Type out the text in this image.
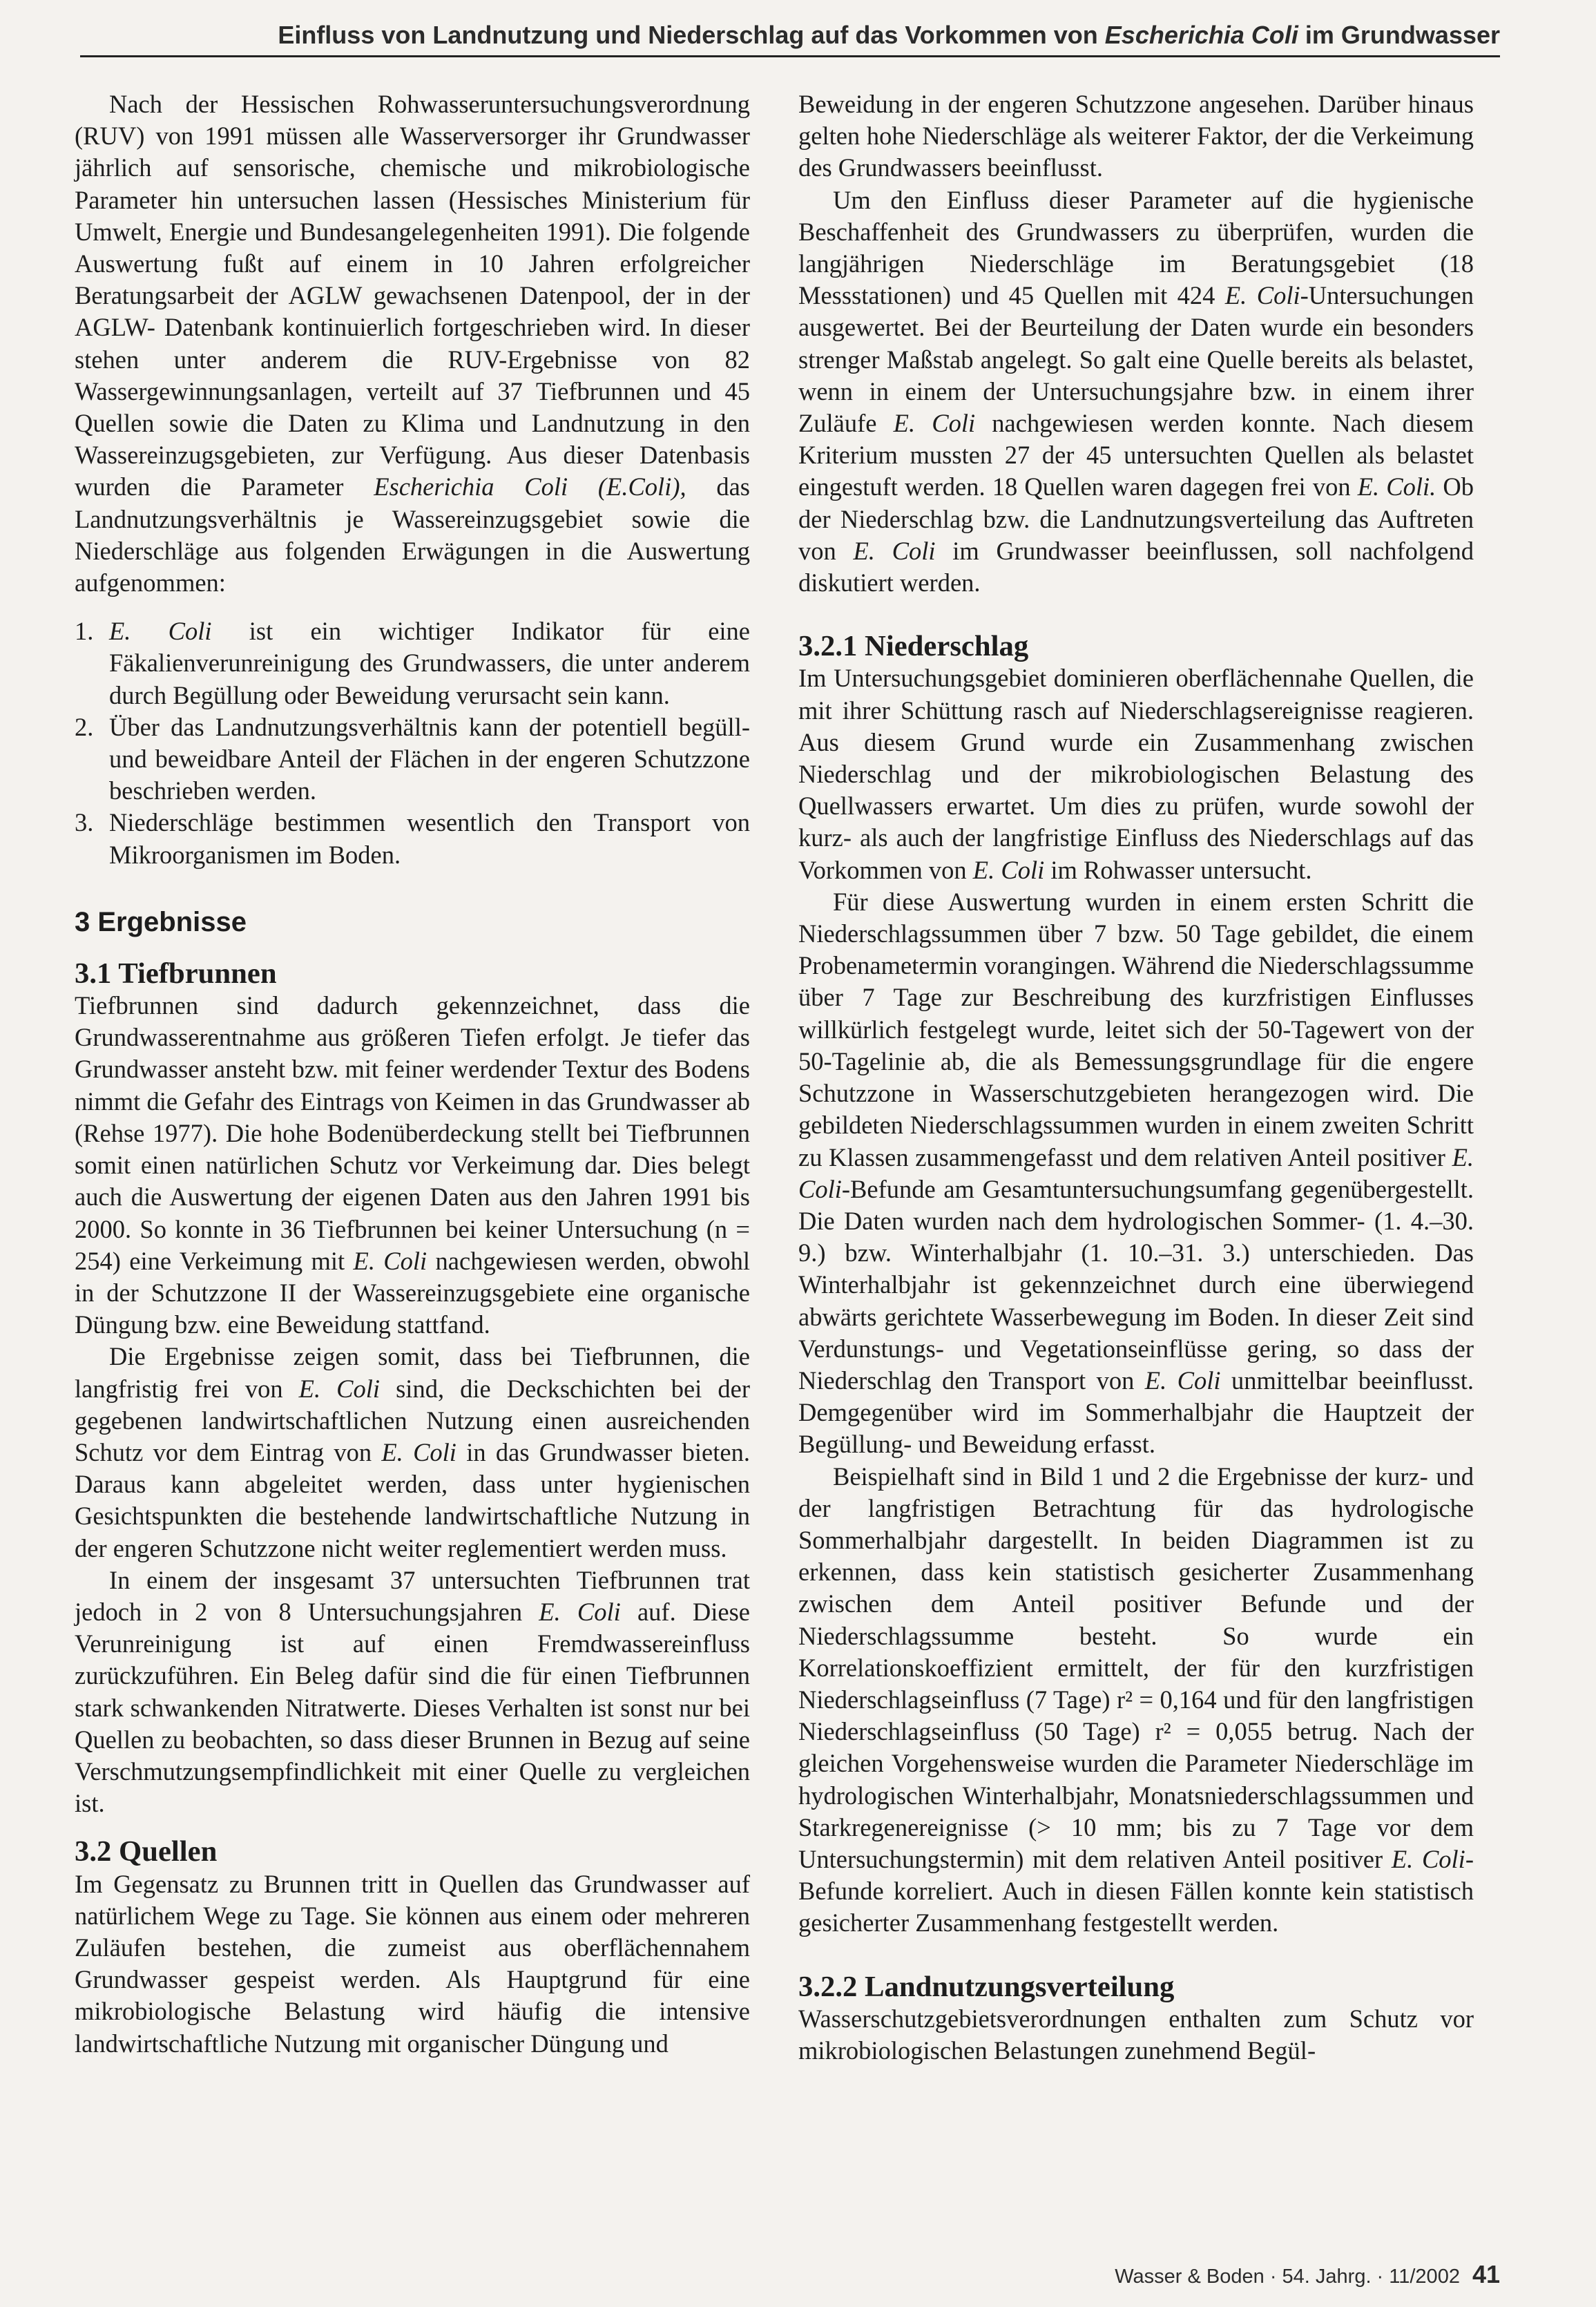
Einfluss von Landnutzung und Niederschlag auf das Vorkommen von Escherichia Coli im Grundwasser

Nach der Hessischen Rohwasseruntersuchungsverordnung (RUV) von 1991 müssen alle Wasserversorger ihr Grundwasser jährlich auf sensorische, chemische und mikrobiologische Parameter hin untersuchen lassen (Hessisches Ministerium für Umwelt, Energie und Bundesangelegenheiten 1991). Die folgende Auswertung fußt auf einem in 10 Jahren erfolgreicher Beratungsarbeit der AGLW gewachsenen Datenpool, der in der AGLW- Datenbank kontinuierlich fortgeschrieben wird. In dieser stehen unter anderem die RUV-Ergebnisse von 82 Wassergewinnungsanlagen, verteilt auf 37 Tiefbrunnen und 45 Quellen sowie die Daten zu Klima und Landnutzung in den Wassereinzugsgebieten, zur Verfügung. Aus dieser Datenbasis wurden die Parameter Escherichia Coli (E.Coli), das Landnutzungsverhältnis je Wassereinzugsgebiet sowie die Niederschläge aus folgenden Erwägungen in die Auswertung aufgenommen:

1. E. Coli ist ein wichtiger Indikator für eine Fäkalienverunreinigung des Grundwassers, die unter anderem durch Begüllung oder Beweidung verursacht sein kann.
2. Über das Landnutzungsverhältnis kann der potentiell begüll- und beweidbare Anteil der Flächen in der engeren Schutzzone beschrieben werden.
3. Niederschläge bestimmen wesentlich den Transport von Mikroorganismen im Boden.
3 Ergebnisse
3.1 Tiefbrunnen

Tiefbrunnen sind dadurch gekennzeichnet, dass die Grundwasserentnahme aus größeren Tiefen erfolgt. Je tiefer das Grundwasser ansteht bzw. mit feiner werdender Textur des Bodens nimmt die Gefahr des Eintrags von Keimen in das Grundwasser ab (Rehse 1977). Die hohe Bodenüberdeckung stellt bei Tiefbrunnen somit einen natürlichen Schutz vor Verkeimung dar. Dies belegt auch die Auswertung der eigenen Daten aus den Jahren 1991 bis 2000. So konnte in 36 Tiefbrunnen bei keiner Untersuchung (n = 254) eine Verkeimung mit E. Coli nachgewiesen werden, obwohl in der Schutzzone II der Wassereinzugsgebiete eine organische Düngung bzw. eine Beweidung stattfand.

Die Ergebnisse zeigen somit, dass bei Tiefbrunnen, die langfristig frei von E. Coli sind, die Deckschichten bei der gegebenen landwirtschaftlichen Nutzung einen ausreichenden Schutz vor dem Eintrag von E. Coli in das Grundwasser bieten. Daraus kann abgeleitet werden, dass unter hygienischen Gesichtspunkten die bestehende landwirtschaftliche Nutzung in der engeren Schutzzone nicht weiter reglementiert werden muss.

In einem der insgesamt 37 untersuchten Tiefbrunnen trat jedoch in 2 von 8 Untersuchungsjahren E. Coli auf. Diese Verunreinigung ist auf einen Fremdwassereinfluss zurückzuführen. Ein Beleg dafür sind die für einen Tiefbrunnen stark schwankenden Nitratwerte. Dieses Verhalten ist sonst nur bei Quellen zu beobachten, so dass dieser Brunnen in Bezug auf seine Verschmutzungsempfindlichkeit mit einer Quelle zu vergleichen ist.

3.2 Quellen

Im Gegensatz zu Brunnen tritt in Quellen das Grundwasser auf natürlichem Wege zu Tage. Sie können aus einem oder mehreren Zuläufen bestehen, die zumeist aus oberflächennahem Grundwasser gespeist werden. Als Hauptgrund für eine mikrobiologische Belastung wird häufig die intensive landwirtschaftliche Nutzung mit organischer Düngung und

Beweidung in der engeren Schutzzone angesehen. Darüber hinaus gelten hohe Niederschläge als weiterer Faktor, der die Verkeimung des Grundwassers beeinflusst.

Um den Einfluss dieser Parameter auf die hygienische Beschaffenheit des Grundwassers zu überprüfen, wurden die langjährigen Niederschläge im Beratungsgebiet (18 Messstationen) und 45 Quellen mit 424 E. Coli-Untersuchungen ausgewertet. Bei der Beurteilung der Daten wurde ein besonders strenger Maßstab angelegt. So galt eine Quelle bereits als belastet, wenn in einem der Untersuchungsjahre bzw. in einem ihrer Zuläufe E. Coli nachgewiesen werden konnte. Nach diesem Kriterium mussten 27 der 45 untersuchten Quellen als belastet eingestuft werden. 18 Quellen waren dagegen frei von E. Coli. Ob der Niederschlag bzw. die Landnutzungsverteilung das Auftreten von E. Coli im Grundwasser beeinflussen, soll nachfolgend diskutiert werden.

3.2.1 Niederschlag

Im Untersuchungsgebiet dominieren oberflächennahe Quellen, die mit ihrer Schüttung rasch auf Niederschlagsereignisse reagieren. Aus diesem Grund wurde ein Zusammenhang zwischen Niederschlag und der mikrobiologischen Belastung des Quellwassers erwartet. Um dies zu prüfen, wurde sowohl der kurz- als auch der langfristige Einfluss des Niederschlags auf das Vorkommen von E. Coli im Rohwasser untersucht.

Für diese Auswertung wurden in einem ersten Schritt die Niederschlagssummen über 7 bzw. 50 Tage gebildet, die einem Probenametermin vorangingen. Während die Niederschlagssumme über 7 Tage zur Beschreibung des kurzfristigen Einflusses willkürlich festgelegt wurde, leitet sich der 50-Tagewert von der 50-Tagelinie ab, die als Bemessungsgrundlage für die engere Schutzzone in Wasserschutzgebieten herangezogen wird. Die gebildeten Niederschlagssummen wurden in einem zweiten Schritt zu Klassen zusammengefasst und dem relativen Anteil positiver E. Coli-Befunde am Gesamtuntersuchungsumfang gegenübergestellt. Die Daten wurden nach dem hydrologischen Sommer- (1. 4.–30. 9.) bzw. Winterhalbjahr (1. 10.–31. 3.) unterschieden. Das Winterhalbjahr ist gekennzeichnet durch eine überwiegend abwärts gerichtete Wasserbewegung im Boden. In dieser Zeit sind Verdunstungs- und Vegetationseinflüsse gering, so dass der Niederschlag den Transport von E. Coli unmittelbar beeinflusst. Demgegenüber wird im Sommerhalbjahr die Hauptzeit der Begüllung- und Beweidung erfasst.

Beispielhaft sind in Bild 1 und 2 die Ergebnisse der kurz- und der langfristigen Betrachtung für das hydrologische Sommerhalbjahr dargestellt. In beiden Diagrammen ist zu erkennen, dass kein statistisch gesicherter Zusammenhang zwischen dem Anteil positiver Befunde und der Niederschlagssumme besteht. So wurde ein Korrelationskoeffizient ermittelt, der für den kurzfristigen Niederschlagseinfluss (7 Tage) r² = 0,164 und für den langfristigen Niederschlagseinfluss (50 Tage) r² = 0,055 betrug. Nach der gleichen Vorgehensweise wurden die Parameter Niederschläge im hydrologischen Winterhalbjahr, Monatsniederschlagssummen und Starkregenereignisse (> 10 mm; bis zu 7 Tage vor dem Untersuchungstermin) mit dem relativen Anteil positiver E. Coli-Befunde korreliert. Auch in diesen Fällen konnte kein statistisch gesicherter Zusammenhang festgestellt werden.

3.2.2 Landnutzungsverteilung

Wasserschutzgebietsverordnungen enthalten zum Schutz vor mikrobiologischen Belastungen zunehmend Begül-

Wasser & Boden · 54. Jahrg. · 11/2002 41
